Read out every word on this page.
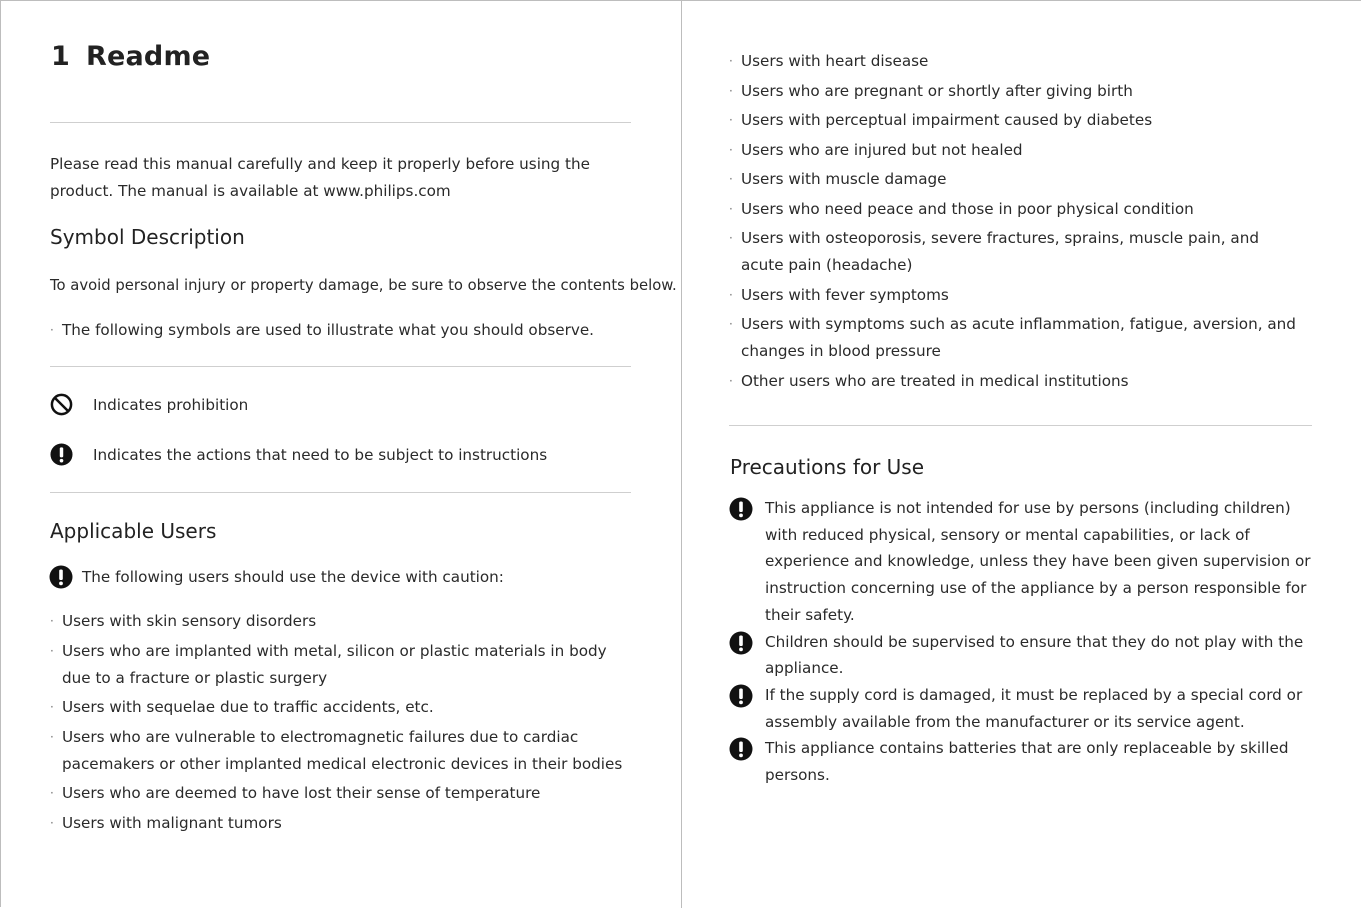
1 Readme

Please read this manual carefully and keep it properly before using the product. The manual is available at www.philips.com

Symbol Description

To avoid personal injury or property damage, be sure to observe the contents below.

· The following symbols are used to illustrate what you should observe.
Indicates prohibition
Indicates the actions that need to be subject to instructions
Applicable Users
The following users should use the device with caution:
· Users with skin sensory disorders
· Users who are implanted with metal, silicon or plastic materials in body due to a fracture or plastic surgery
· Users with sequelae due to traffic accidents, etc.
· Users who are vulnerable to electromagnetic failures due to cardiac pacemakers or other implanted medical electronic devices in their bodies
· Users who are deemed to have lost their sense of temperature
· Users with malignant tumors
· Users with heart disease
· Users who are pregnant or shortly after giving birth
· Users with perceptual impairment caused by diabetes
· Users who are injured but not healed
· Users with muscle damage
· Users who need peace and those in poor physical condition
· Users with osteoporosis, severe fractures, sprains, muscle pain, and acute pain (headache)
· Users with fever symptoms
· Users with symptoms such as acute inflammation, fatigue, aversion, and changes in blood pressure
· Other users who are treated in medical institutions
Precautions for Use
This appliance is not intended for use by persons (including children) with reduced physical, sensory or mental capabilities, or lack of experience and knowledge, unless they have been given supervision or instruction concerning use of the appliance by a person responsible for their safety.
Children should be supervised to ensure that they do not play with the appliance.
If the supply cord is damaged, it must be replaced by a special cord or assembly available from the manufacturer or its service agent.
This appliance contains batteries that are only replaceable by skilled persons.
